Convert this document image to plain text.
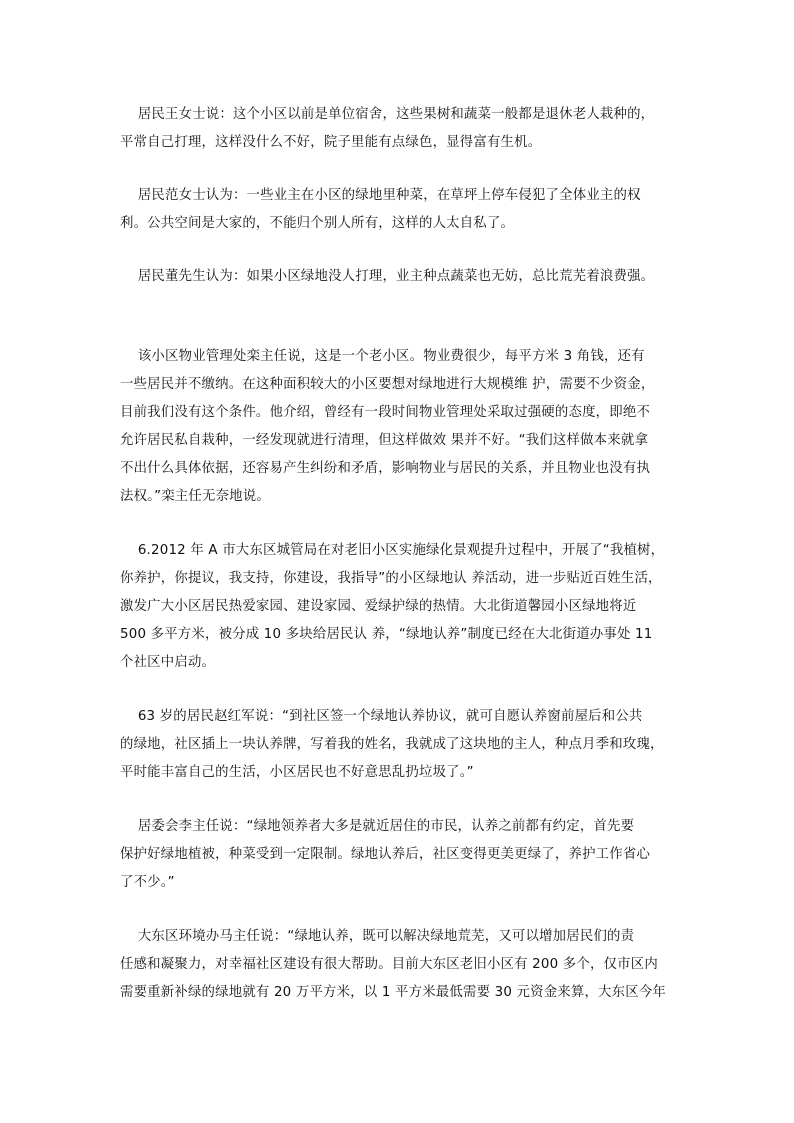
居民王女士说：这个小区以前是单位宿舍，这些果树和蔬菜一般都是退休老人栽种的，
平常自己打理，这样没什么不好，院子里能有点绿色，显得富有生机。
居民范女士认为：一些业主在小区的绿地里种菜，在草坪上停车侵犯了全体业主的权
利。公共空间是大家的，不能归个别人所有，这样的人太自私了。
居民董先生认为：如果小区绿地没人打理，业主种点蔬菜也无妨，总比荒芜着浪费强。
该小区物业管理处栾主任说，这是一个老小区。物业费很少，每平方米 3 角钱，还有
一些居民并不缴纳。在这种面积较大的小区要想对绿地进行大规模维 护，需要不少资金，
目前我们没有这个条件。他介绍，曾经有一段时间物业管理处采取过强硬的态度，即绝不
允许居民私自栽种，一经发现就进行清理，但这样做效 果并不好。“我们这样做本来就拿
不出什么具体依据，还容易产生纠纷和矛盾，影响物业与居民的关系，并且物业也没有执
法权。”栾主任无奈地说。
6.2012 年 A 市大东区城管局在对老旧小区实施绿化景观提升过程中，开展了“我植树，
你养护，你提议，我支持，你建设，我指导”的小区绿地认 养活动，进一步贴近百姓生活，
激发广大小区居民热爱家园、建设家园、爱绿护绿的热情。大北街道馨园小区绿地将近
500 多平方米，被分成 10 多块给居民认 养，“绿地认养”制度已经在大北街道办事处 11
个社区中启动。
63 岁的居民赵红军说：“到社区签一个绿地认养协议，就可自愿认养窗前屋后和公共
的绿地，社区插上一块认养牌，写着我的姓名，我就成了这块地的主人，种点月季和玫瑰，
平时能丰富自己的生活，小区居民也不好意思乱扔垃圾了。”
居委会李主任说：“绿地领养者大多是就近居住的市民，认养之前都有约定，首先要
保护好绿地植被，种菜受到一定限制。绿地认养后，社区变得更美更绿了，养护工作省心
了不少。”
大东区环境办马主任说：“绿地认养，既可以解决绿地荒芜，又可以增加居民们的责
任感和凝聚力，对幸福社区建设有很大帮助。目前大东区老旧小区有 200 多个，仅市区内
需要重新补绿的绿地就有 20 万平方米，以 1 平方米最低需要 30 元资金来算，大东区今年
